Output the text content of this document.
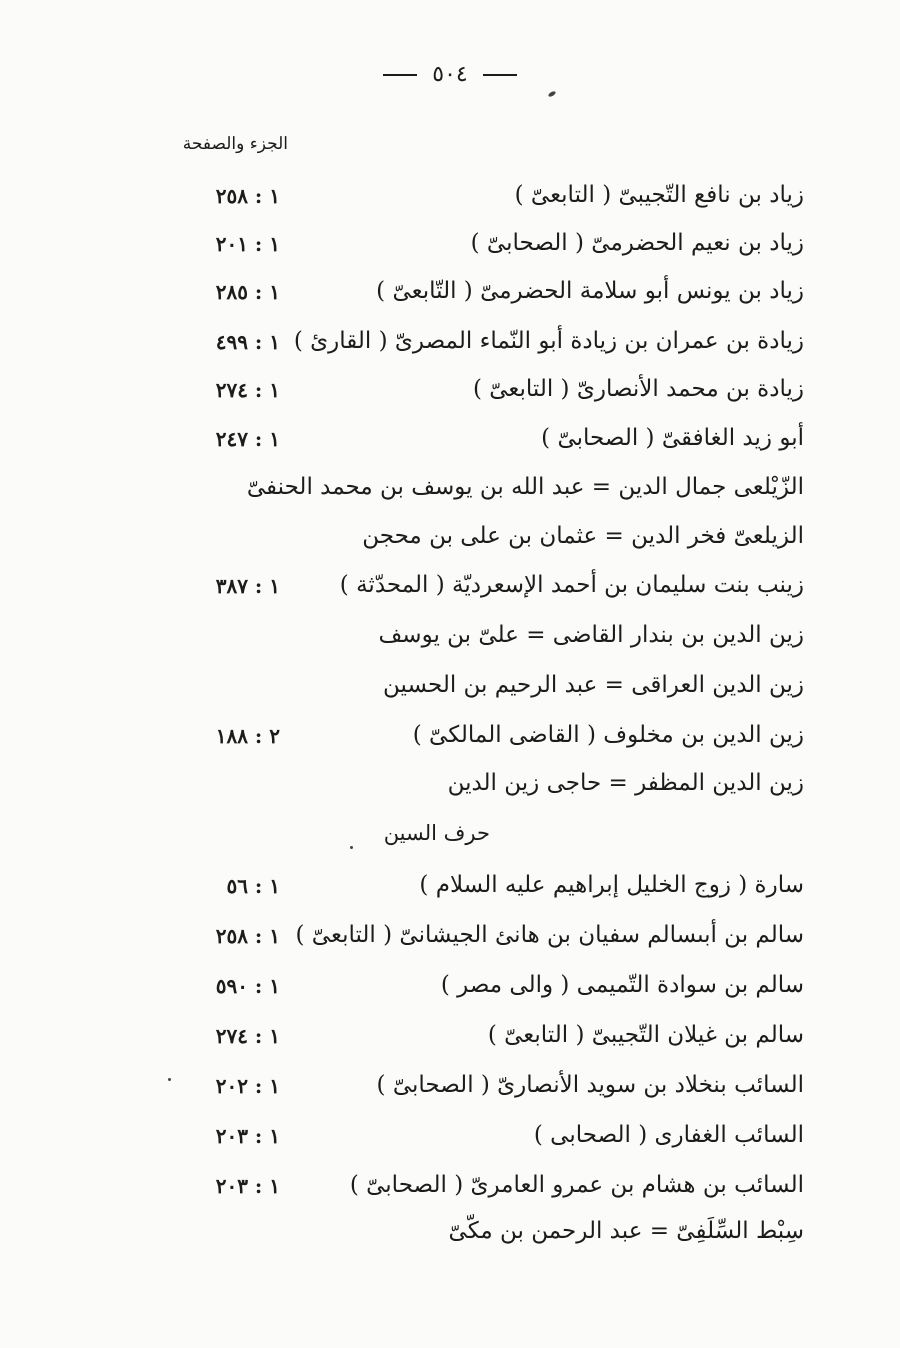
٥٠٤
الجزء والصفحة
زياد بن نافع التّجيبىّ ( التابعىّ )
١ : ٢٥٨
زياد بن نعيم الحضرمىّ ( الصحابىّ )
١ : ٢٠١
زياد بن يونس أبو سلامة الحضرمىّ ( التّابعىّ )
١ : ٢٨٥
زيادة بن عمران بن زيادة أبو النّماء المصرىّ ( القارئ )
١ : ٤٩٩
زيادة بن محمد الأنصارىّ ( التابعىّ )
١ : ٢٧٤
أبو زيد الغافقىّ ( الصحابىّ )
١ : ٢٤٧
الزّيْلعى جمال الدين = عبد الله بن يوسف بن محمد الحنفىّ
الزيلعىّ فخر الدين = عثمان بن على بن محجن
زينب بنت سليمان بن أحمد الإسعرديّة ( المحدّثة )
١ : ٣٨٧
زين الدين بن بندار القاضى = علىّ بن يوسف
زين الدين العراقى = عبد الرحيم بن الحسين
زين الدين بن مخلوف ( القاضى المالكىّ )
٢ : ١٨٨
زين الدين المظفر = حاجى زين الدين
حرف السين
سارة ( زوج الخليل إبراهيم عليه السلام )
١ : ٥٦
سالم بن أبىسالم سفيان بن هانئ الجيشانىّ ( التابعىّ )
١ : ٢٥٨
سالم بن سوادة التّميمى ( والى مصر )
١ : ٥٩٠
سالم بن غيلان التّجيبىّ ( التابعىّ )
١ : ٢٧٤
السائب بنخلاد بن سويد الأنصارىّ ( الصحابىّ )
١ : ٢٠٢
السائب الغفارى ( الصحابى )
١ : ٢٠٣
السائب بن هشام بن عمرو العامرىّ ( الصحابىّ )
١ : ٢٠٣
سِبْط السِّلَفِىّ = عبد الرحمن بن مكّىّ
